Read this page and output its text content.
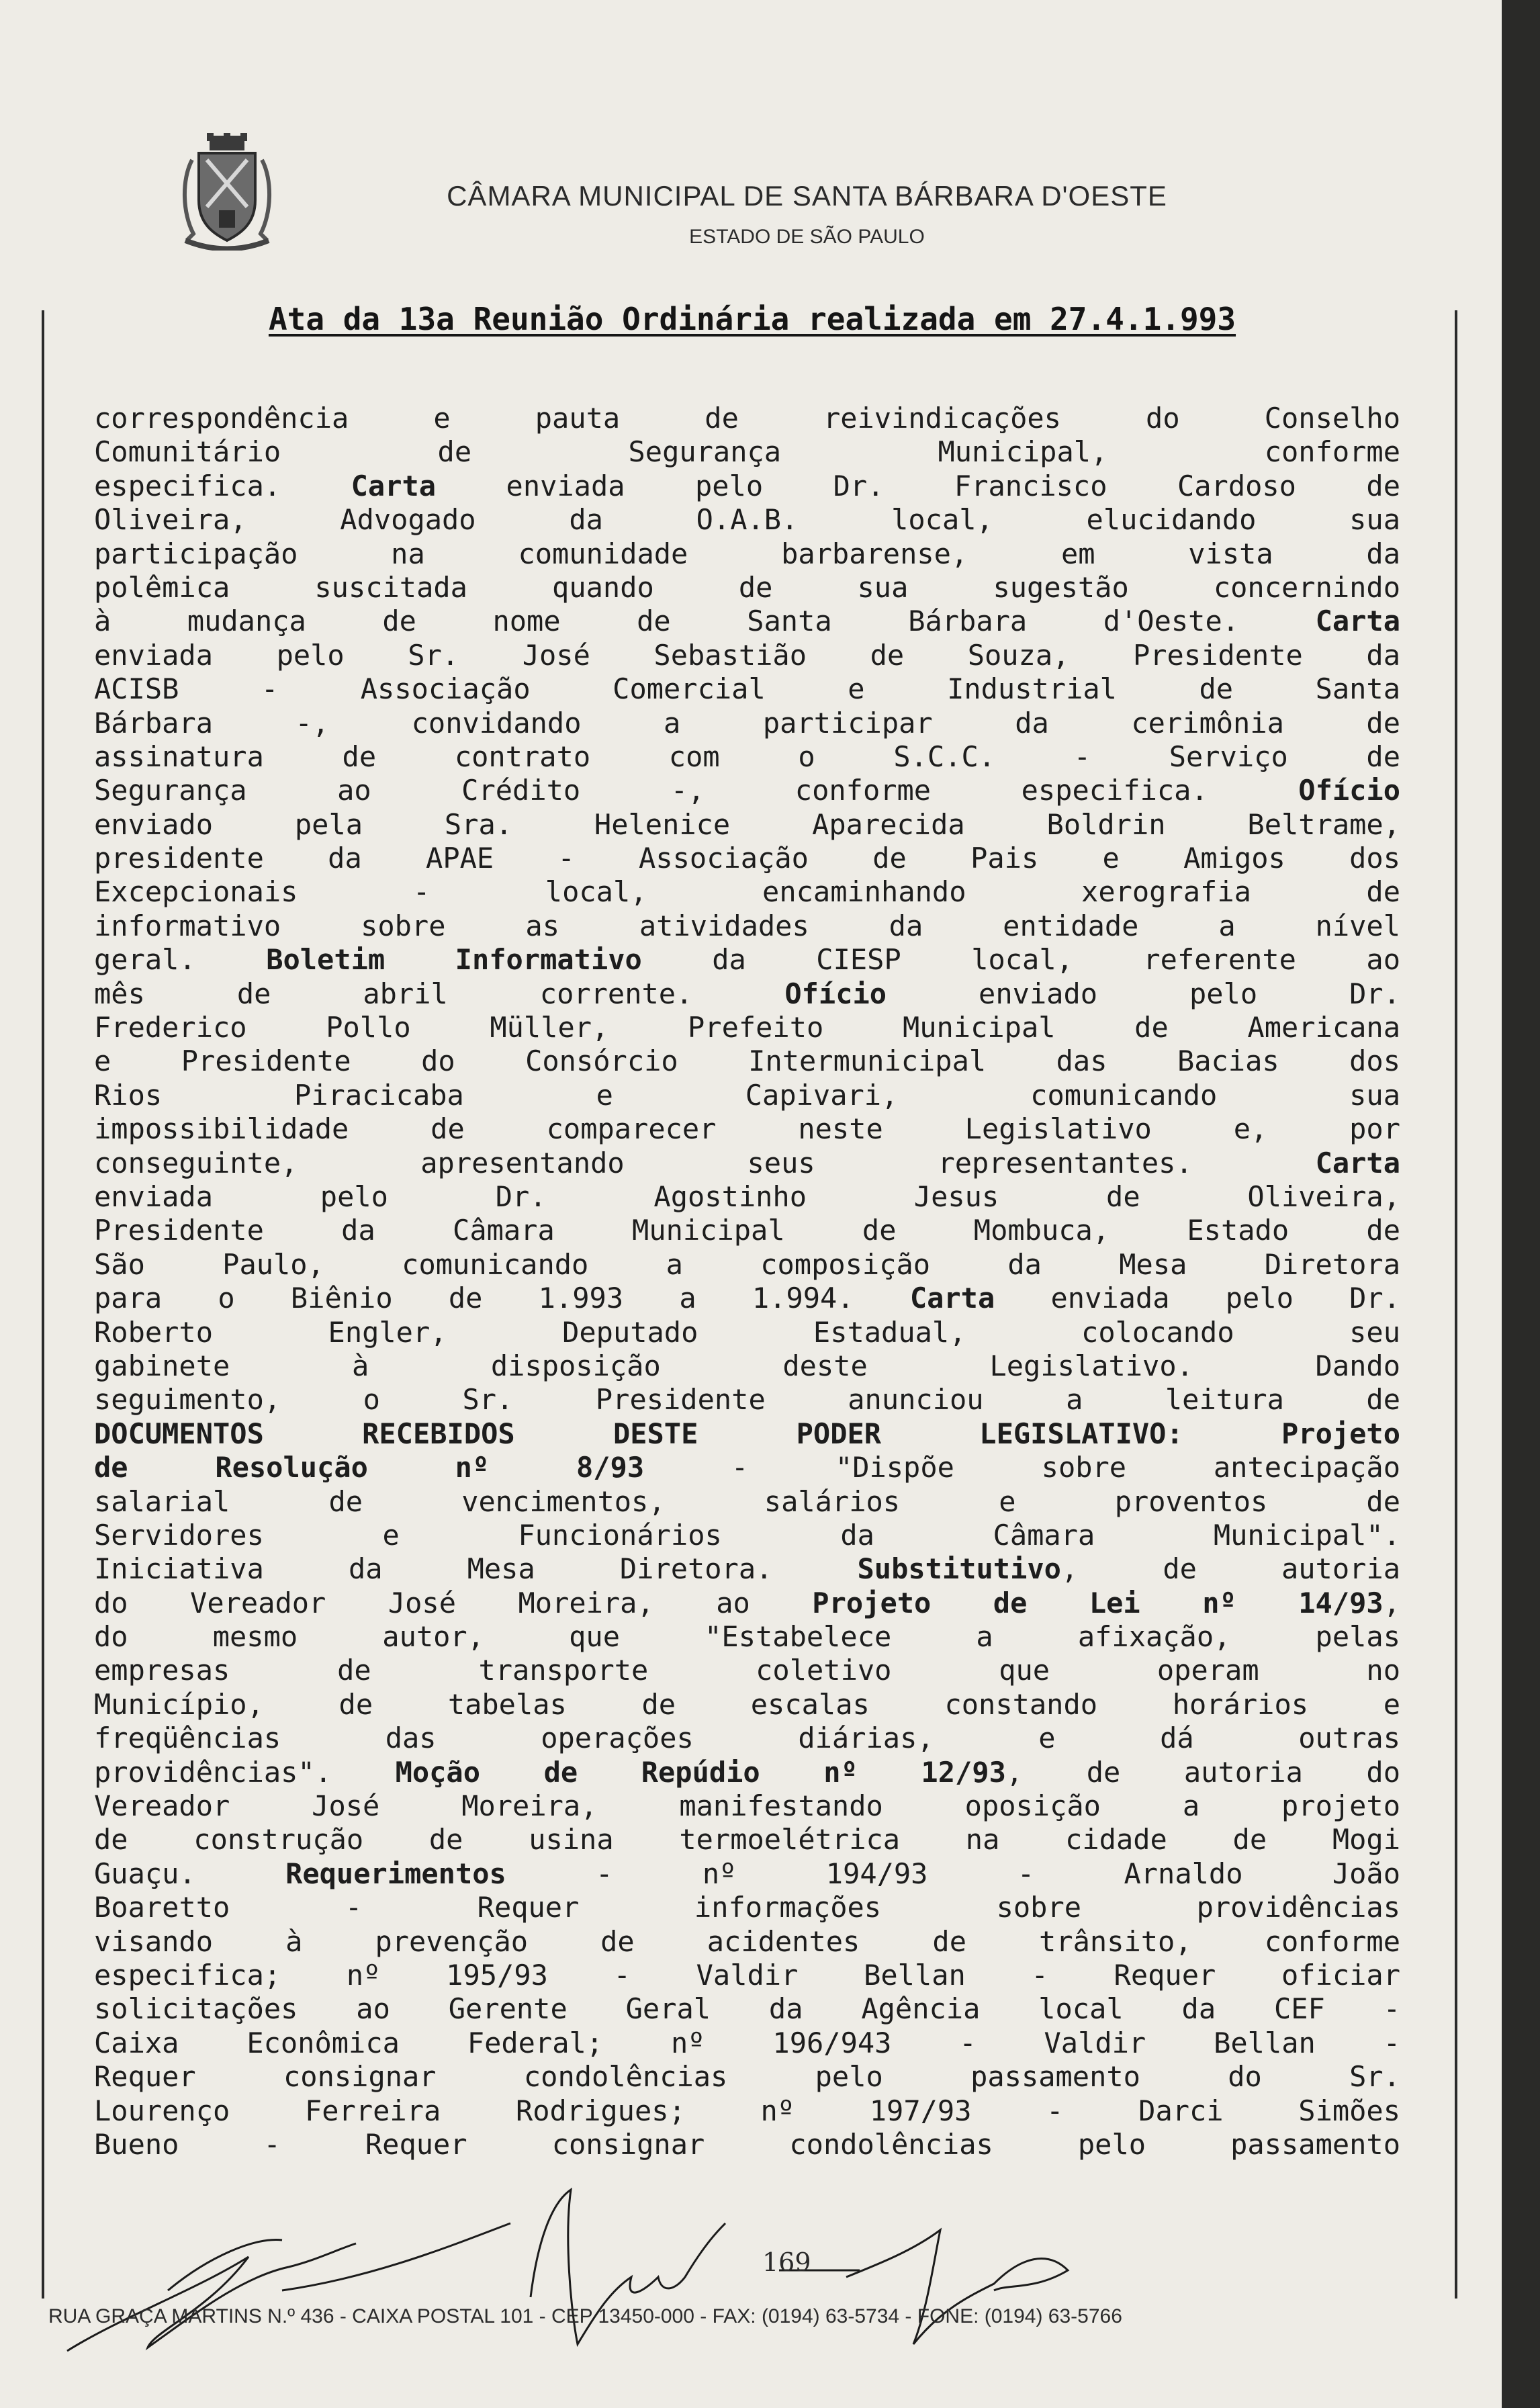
CÂMARA MUNICIPAL DE SANTA BÁRBARA D'OESTE
ESTADO DE SÃO PAULO
Ata da 13a Reunião Ordinária realizada em 27.4.1.993
correspondência e pauta de reivindicações do Conselho
Comunitário de Segurança Municipal, conforme
especifica. Carta enviada pelo Dr. Francisco Cardoso de
Oliveira, Advogado da O.A.B. local, elucidando sua
participação na comunidade barbarense, em vista da
polêmica suscitada quando de sua sugestão concernindo
à mudança de nome de Santa Bárbara d'Oeste. Carta
enviada pelo Sr. José Sebastião de Souza, Presidente da
ACISB - Associação Comercial e Industrial de Santa
Bárbara -, convidando a participar da cerimônia de
assinatura de contrato com o S.C.C. - Serviço de
Segurança ao Crédito -, conforme especifica. Ofício
enviado pela Sra. Helenice Aparecida Boldrin Beltrame,
presidente da APAE - Associação de Pais e Amigos dos
Excepcionais - local, encaminhando xerografia de
informativo sobre as atividades da entidade a nível
geral. Boletim Informativo da CIESP local, referente ao
mês de abril corrente. Ofício enviado pelo Dr.
Frederico Pollo Müller, Prefeito Municipal de Americana
e Presidente do Consórcio Intermunicipal das Bacias dos
Rios Piracicaba e Capivari, comunicando sua
impossibilidade de comparecer neste Legislativo e, por
conseguinte, apresentando seus representantes. Carta
enviada pelo Dr. Agostinho Jesus de Oliveira,
Presidente da Câmara Municipal de Mombuca, Estado de
São Paulo, comunicando a composição da Mesa Diretora
para o Biênio de 1.993 a 1.994. Carta enviada pelo Dr.
Roberto Engler, Deputado Estadual, colocando seu
gabinete à disposição deste Legislativo. Dando
seguimento, o Sr. Presidente anunciou a leitura de
DOCUMENTOS RECEBIDOS DESTE PODER LEGISLATIVO: Projeto
de Resolução nº 8/93 - "Dispõe sobre antecipação
salarial de vencimentos, salários e proventos de
Servidores e Funcionários da Câmara Municipal".
Iniciativa da Mesa Diretora. Substitutivo, de autoria
do Vereador José Moreira, ao Projeto de Lei nº 14/93,
do mesmo autor, que "Estabelece a afixação, pelas
empresas de transporte coletivo que operam no
Município, de tabelas de escalas constando horários e
freqüências das operações diárias, e dá outras
providências". Moção de Repúdio nº 12/93, de autoria do
Vereador José Moreira, manifestando oposição a projeto
de construção de usina termoelétrica na cidade de Mogi
Guaçu. Requerimentos - nº 194/93 - Arnaldo João
Boaretto - Requer informações sobre providências
visando à prevenção de acidentes de trânsito, conforme
especifica; nº 195/93 - Valdir Bellan - Requer oficiar
solicitações ao Gerente Geral da Agência local da CEF -
Caixa Econômica Federal; nº 196/943 - Valdir Bellan -
Requer consignar condolências pelo passamento do Sr.
Lourenço Ferreira Rodrigues; nº 197/93 - Darci Simões
Bueno - Requer consignar condolências pelo passamento
169
RUA GRAÇA MARTINS N.º 436 - CAIXA POSTAL 101 - CEP 13450-000 - FAX: (0194) 63-5734 - FONE: (0194) 63-5766
